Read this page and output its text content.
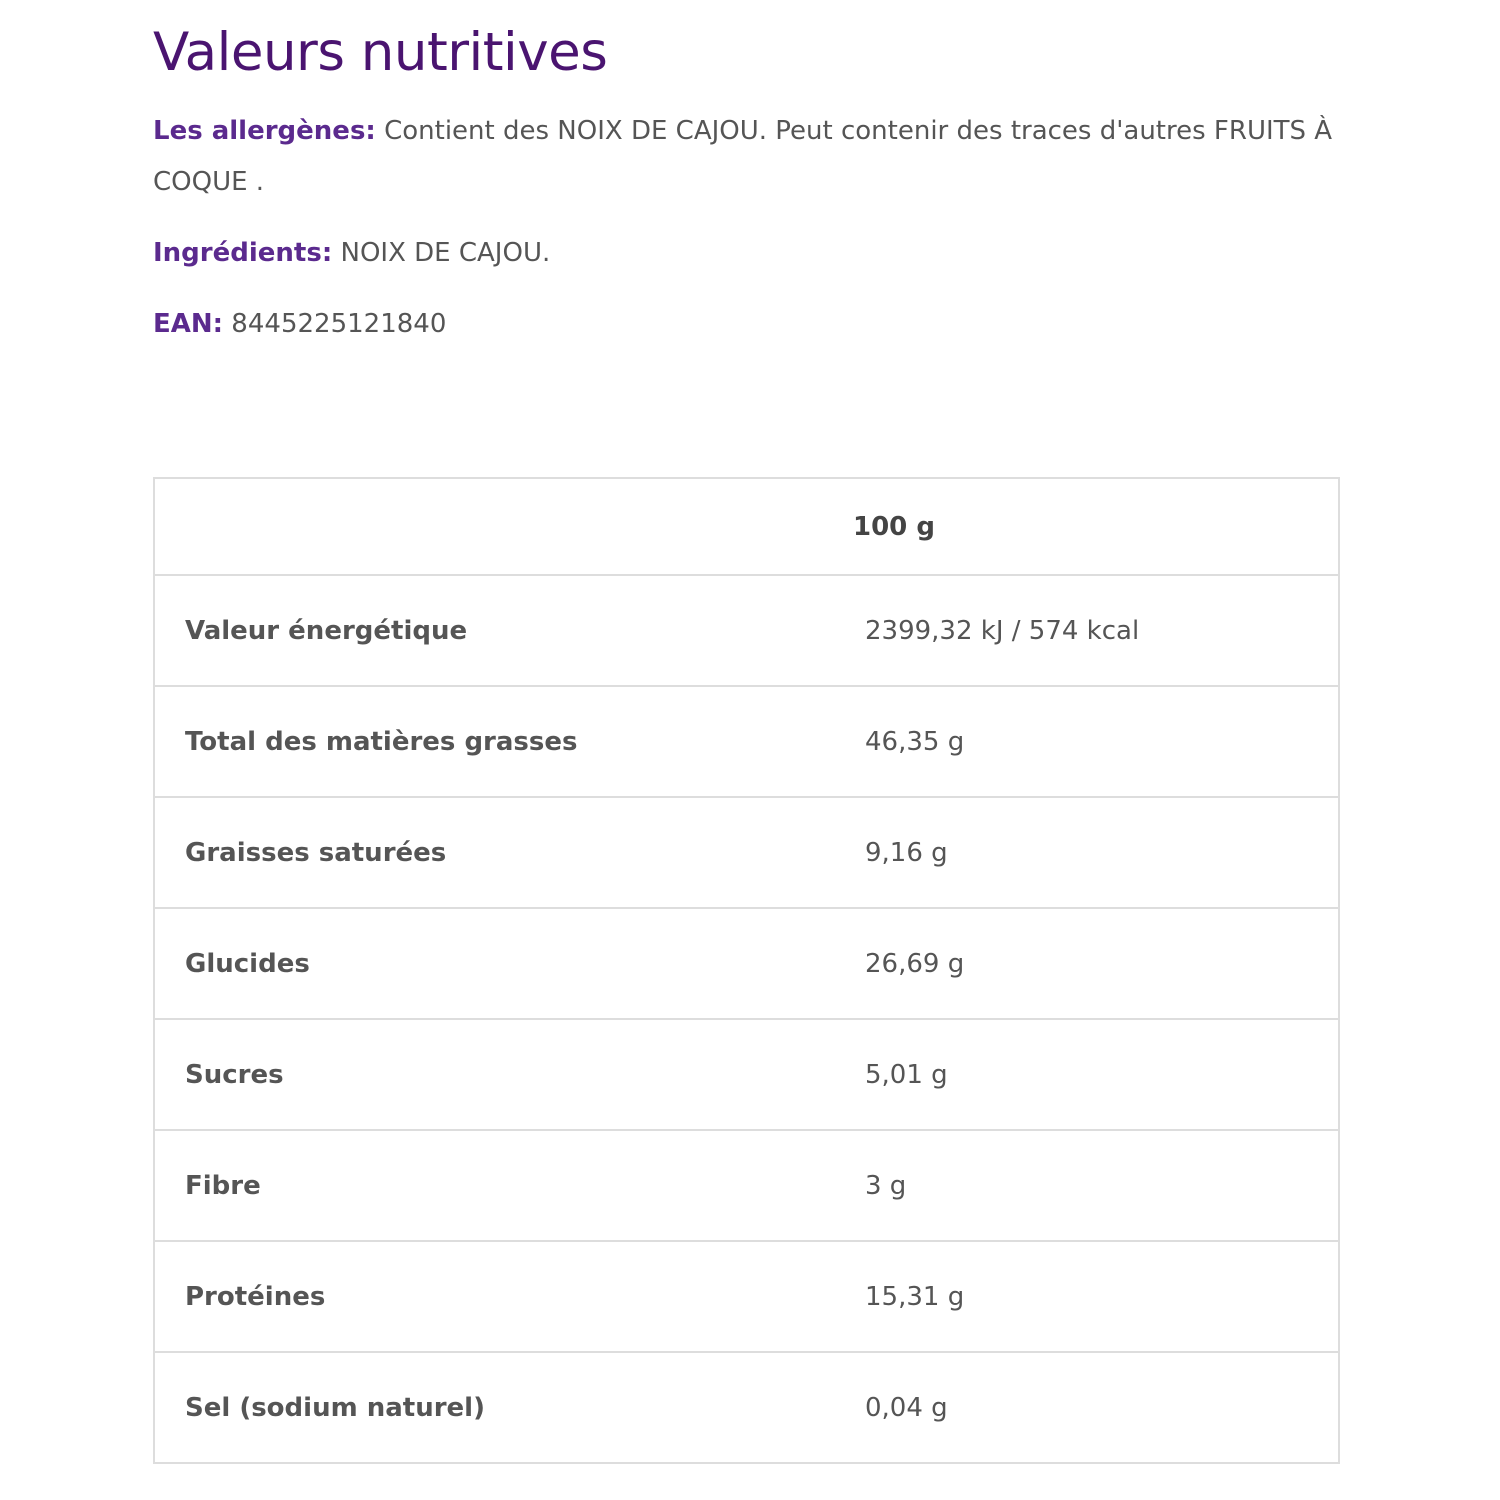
Valeurs nutritives

Les allergènes: Contient des NOIX DE CAJOU. Peut contenir des traces d'autres FRUITS À COQUE .

Ingrédients: NOIX DE CAJOU.

EAN: 8445225121840

100 g	
Valeur énergétique	2399,32 kJ / 574 kcal
Total des matières grasses	46,35 g
Graisses saturées	9,16 g
Glucides	26,69 g
Sucres	5,01 g
Fibre	3 g
Protéines	15,31 g
Sel (sodium naturel)	0,04 g
